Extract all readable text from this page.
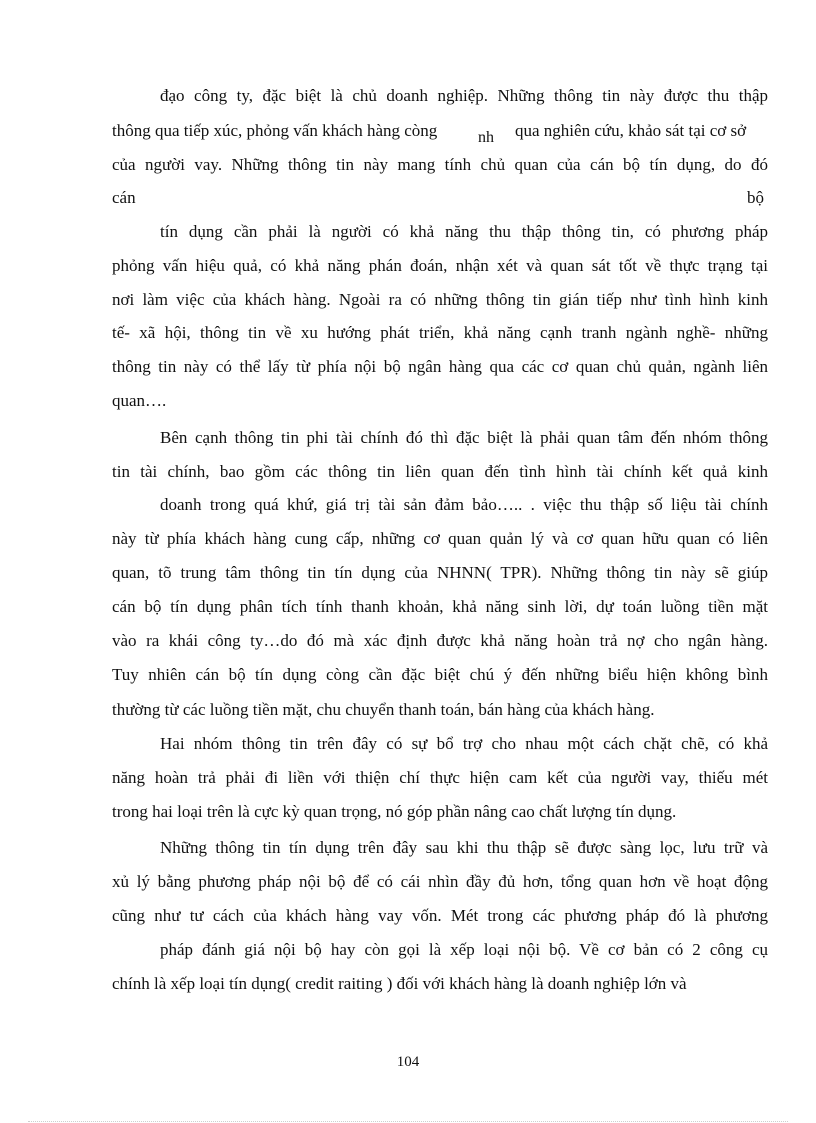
đạo công ty, đặc biệt là chủ doanh nghiệp. Những thông tin này được thu thập
thông qua tiếp xúc, phỏng vấn khách hàng còng	nh qua nghiên cứu, khảo sát tại cơ sở
của người vay. Những thông tin này mang tính chủ quan của cán bộ tín dụng, do đó
cán	bộ
tín dụng cần phải là người có khả năng thu thập thông tin, có phương pháp
phỏng vấn hiệu quả, có khả năng phán đoán, nhận xét và quan sát tốt về thực trạng tại
nơi làm việc của khách hàng. Ngoài ra có những thông tin gián tiếp như tình hình kinh
tế- xã hội, thông tin về xu hướng phát triển, khả năng cạnh tranh ngành nghề- những
thông tin này có thể lấy từ phía nội bộ ngân hàng qua các cơ quan chủ quản, ngành liên
quan….
Bên cạnh thông tin phi tài chính đó thì đặc biệt là phải quan tâm đến nhóm thông
tin tài chính, bao gồm các thông tin liên quan đến tình hình tài chính kết quả kinh
doanh trong quá khứ, giá trị tài sản đảm bảo….. . việc thu thập số liệu tài chính
này từ phía khách hàng cung cấp, những cơ quan quản lý và cơ quan hữu quan có liên
quan, tõ trung tâm thông tin tín dụng của NHNN( TPR). Những thông tin này sẽ giúp
cán bộ tín dụng phân tích tính thanh khoản, khả năng sinh lời, dự toán luồng tiền mặt
vào ra khái công ty…do đó mà xác định được khả năng hoàn trả nợ cho ngân hàng.
Tuy nhiên cán bộ tín dụng còng cần đặc biệt chú ý đến những biểu hiện không bình
thường từ các luồng tiền mặt, chu chuyển thanh toán, bán hàng của khách hàng.
Hai nhóm thông tin trên đây có sự bổ trợ cho nhau một cách chặt chẽ, có khả
năng hoàn trả phải đi liền với thiện chí thực hiện cam kết của người vay, thiếu mét
trong hai loại trên là cực kỳ quan trọng, nó góp phần nâng cao chất lượng tín dụng.
Những thông tin tín dụng trên đây sau khi thu thập sẽ được sàng lọc, lưu trữ và
xủ lý bằng phương pháp nội bộ để có cái nhìn đầy đủ hơn, tổng quan hơn về hoạt động
cũng như tư cách của khách hàng vay vốn. Mét trong các phương pháp đó là phương
pháp đánh giá nội bộ hay còn gọi là xếp loại nội bộ. Về cơ bản có 2 công cụ
chính là xếp loại tín dụng( credit raiting ) đối với khách hàng là doanh nghiệp lớn và
104
